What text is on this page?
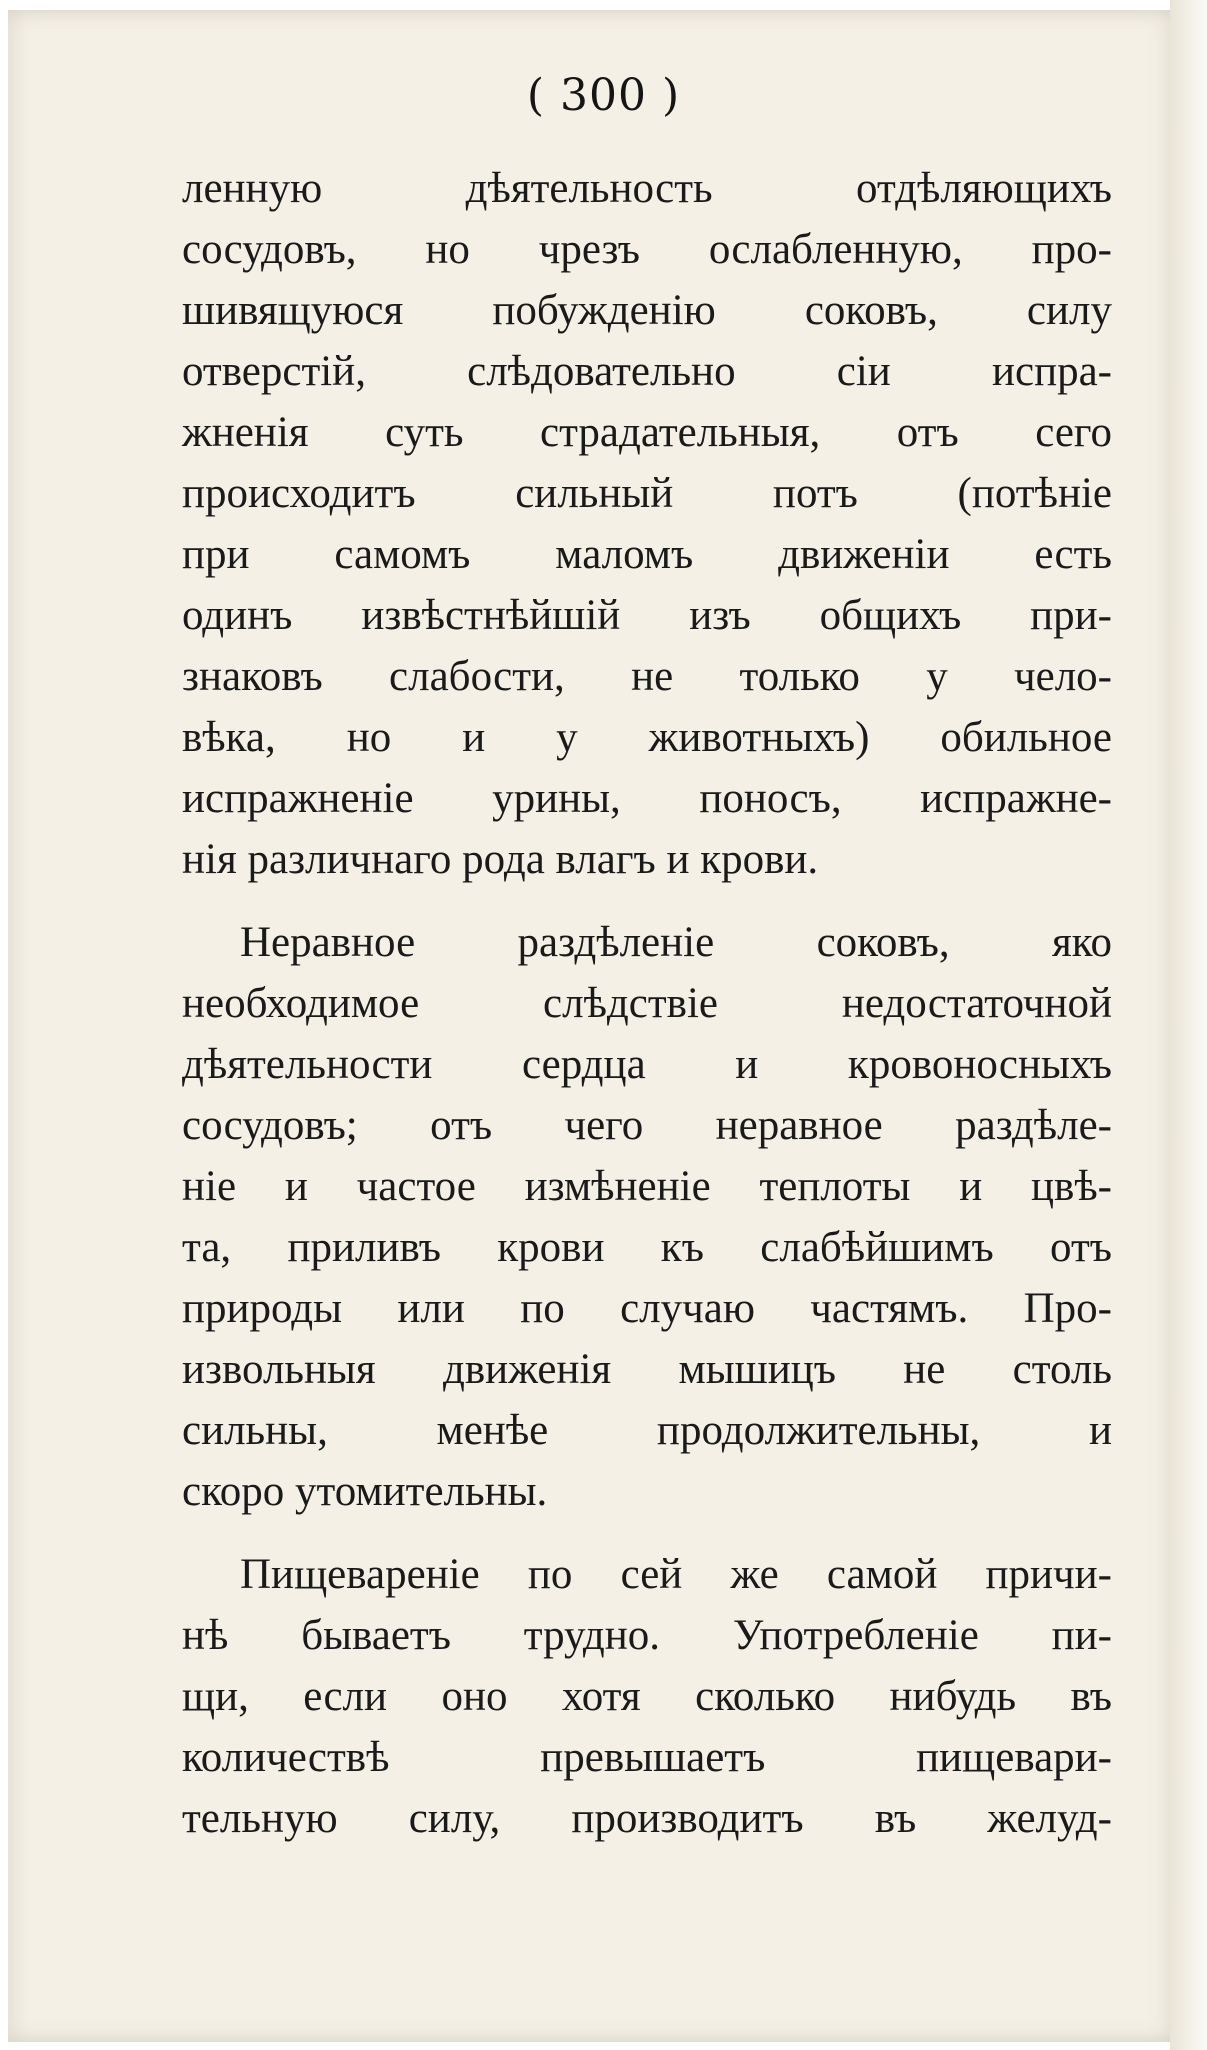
( 300 )
ленную дѣятельность отдѣляющихъ
сосудовъ, но чрезъ ослабленную, про-
шивящуюся побужденію соковъ, силу
отверстій, слѣдовательно сіи испра-
жненія суть страдательныя, отъ сего
происходитъ сильный потъ (потѣніе
при самомъ маломъ движеніи есть
одинъ извѣстнѣйшій изъ общихъ при-
знаковъ слабости, не только у чело-
вѣка, но и у животныхъ) обильное
испражненіе урины, поносъ, испражне-
нія различнаго рода влагъ и крови.
Неравное раздѣленіе соковъ, яко
необходимое слѣдствіе недостаточной
дѣятельности сердца и кровоносныхъ
сосудовъ; отъ чего неравное раздѣле-
ніе и частое измѣненіе теплоты и цвѣ-
та, приливъ крови къ слабѣйшимъ отъ
природы или по случаю частямъ. Про-
извольныя движенія мышицъ не столь
сильны, менѣе продолжительны, и
скоро утомительны.
Пищевареніе по сей же самой причи-
нѣ бываетъ трудно. Употребленіе пи-
щи, если оно хотя сколько нибудь въ
количествѣ превышаетъ пищевари-
тельную силу, производитъ въ желуд-
